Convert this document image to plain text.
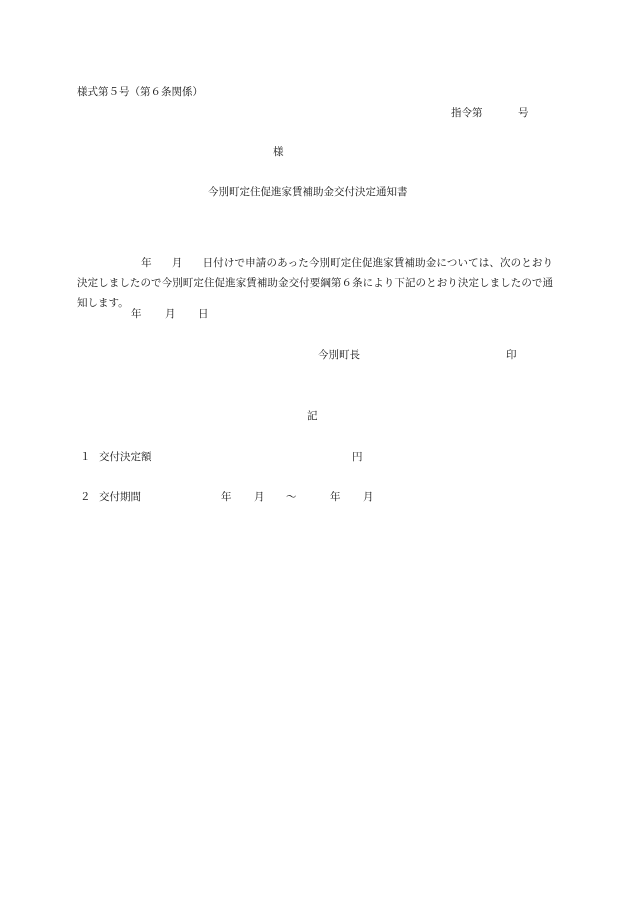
様式第５号（第６条関係）
指令第	号
様
今別町定住促進家賃補助金交付決定通知書
年 月 日付けで申請のあった今別町定住促進家賃補助金については、次のとおり決定しましたので今別町定住促進家賃補助金交付要綱第６条により下記のとおり決定しましたので通知します。
年 月 日
今別町長	印
記
１ 交付決定額	円
２ 交付期間	年 月 ～	年 月
